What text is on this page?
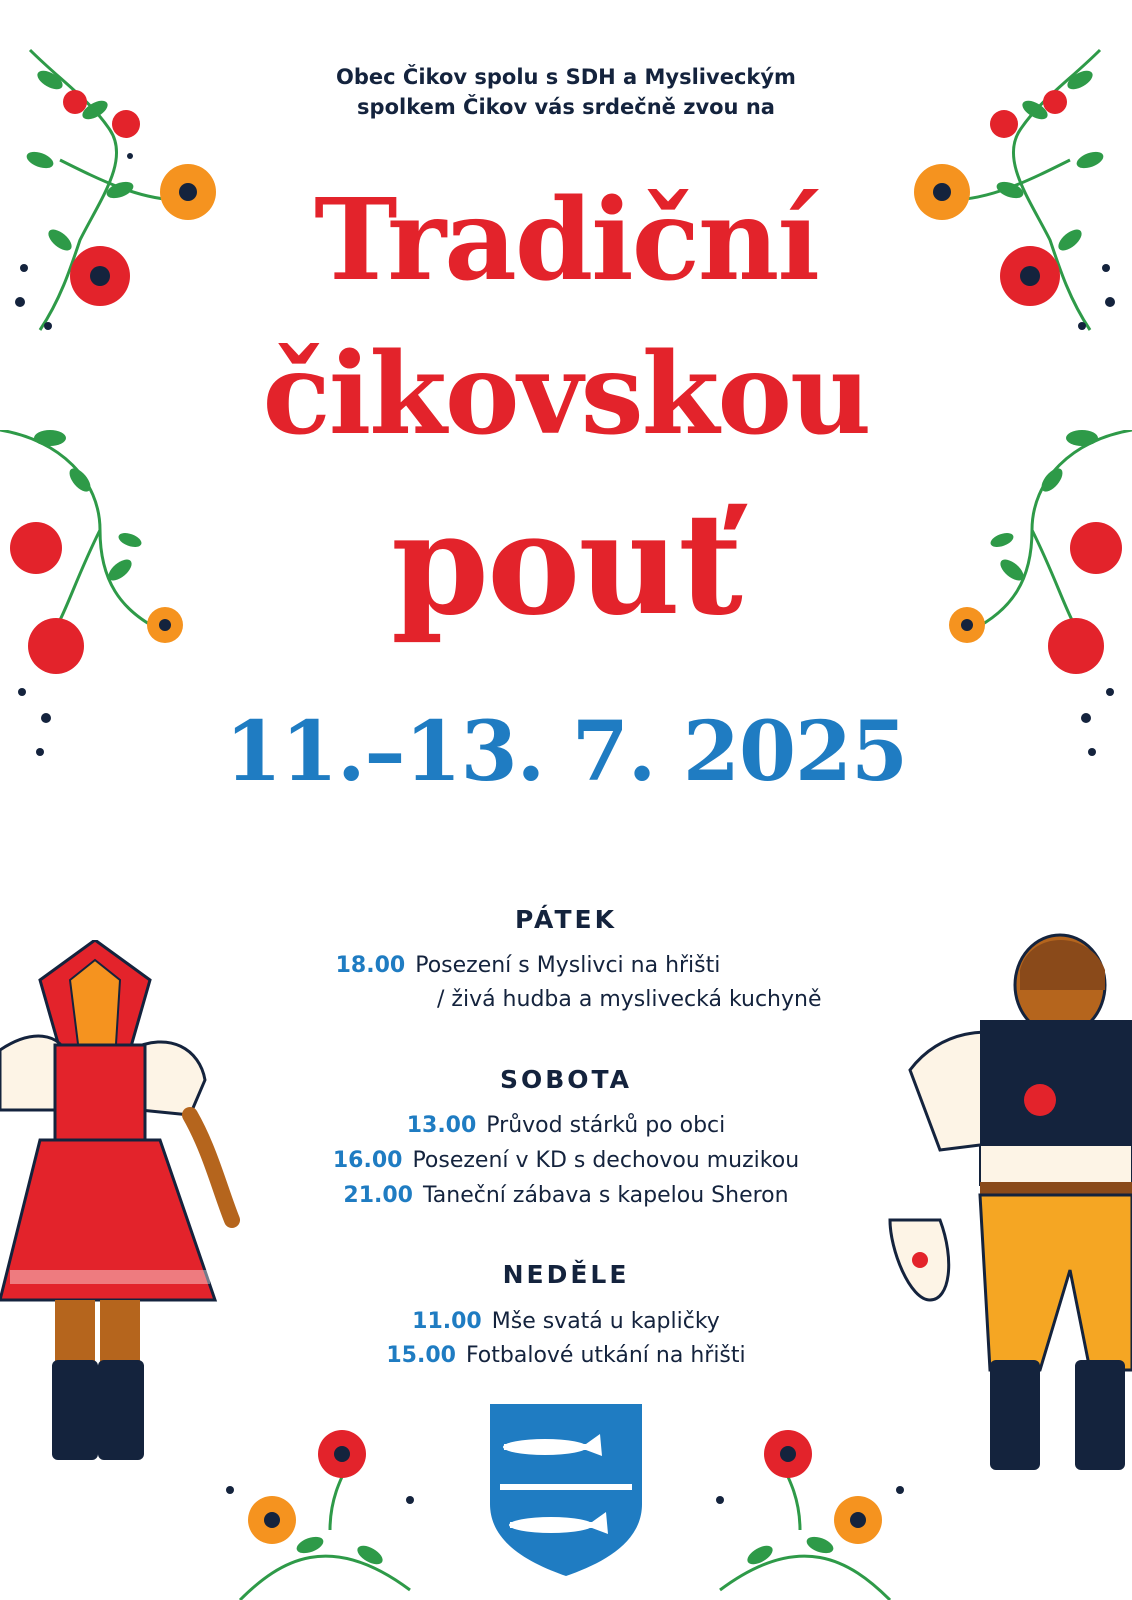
Obec Čikov spolu s SDH a Mysliveckým
spolkem Čikov vás srdečně zvou na
Tradiční
čikovskou
pouť
11.–13. 7. 2025
PÁTEK
18.00 Posezení s Myslivci na hřišti
/ živá hudba a myslivecká kuchyně
SOBOTA
13.00 Průvod stárků po obci
16.00 Posezení v KD s dechovou muzikou
21.00 Taneční zábava s kapelou Sheron
NEDĚLE
11.00 Mše svatá u kapličky
15.00 Fotbalové utkání na hřišti
